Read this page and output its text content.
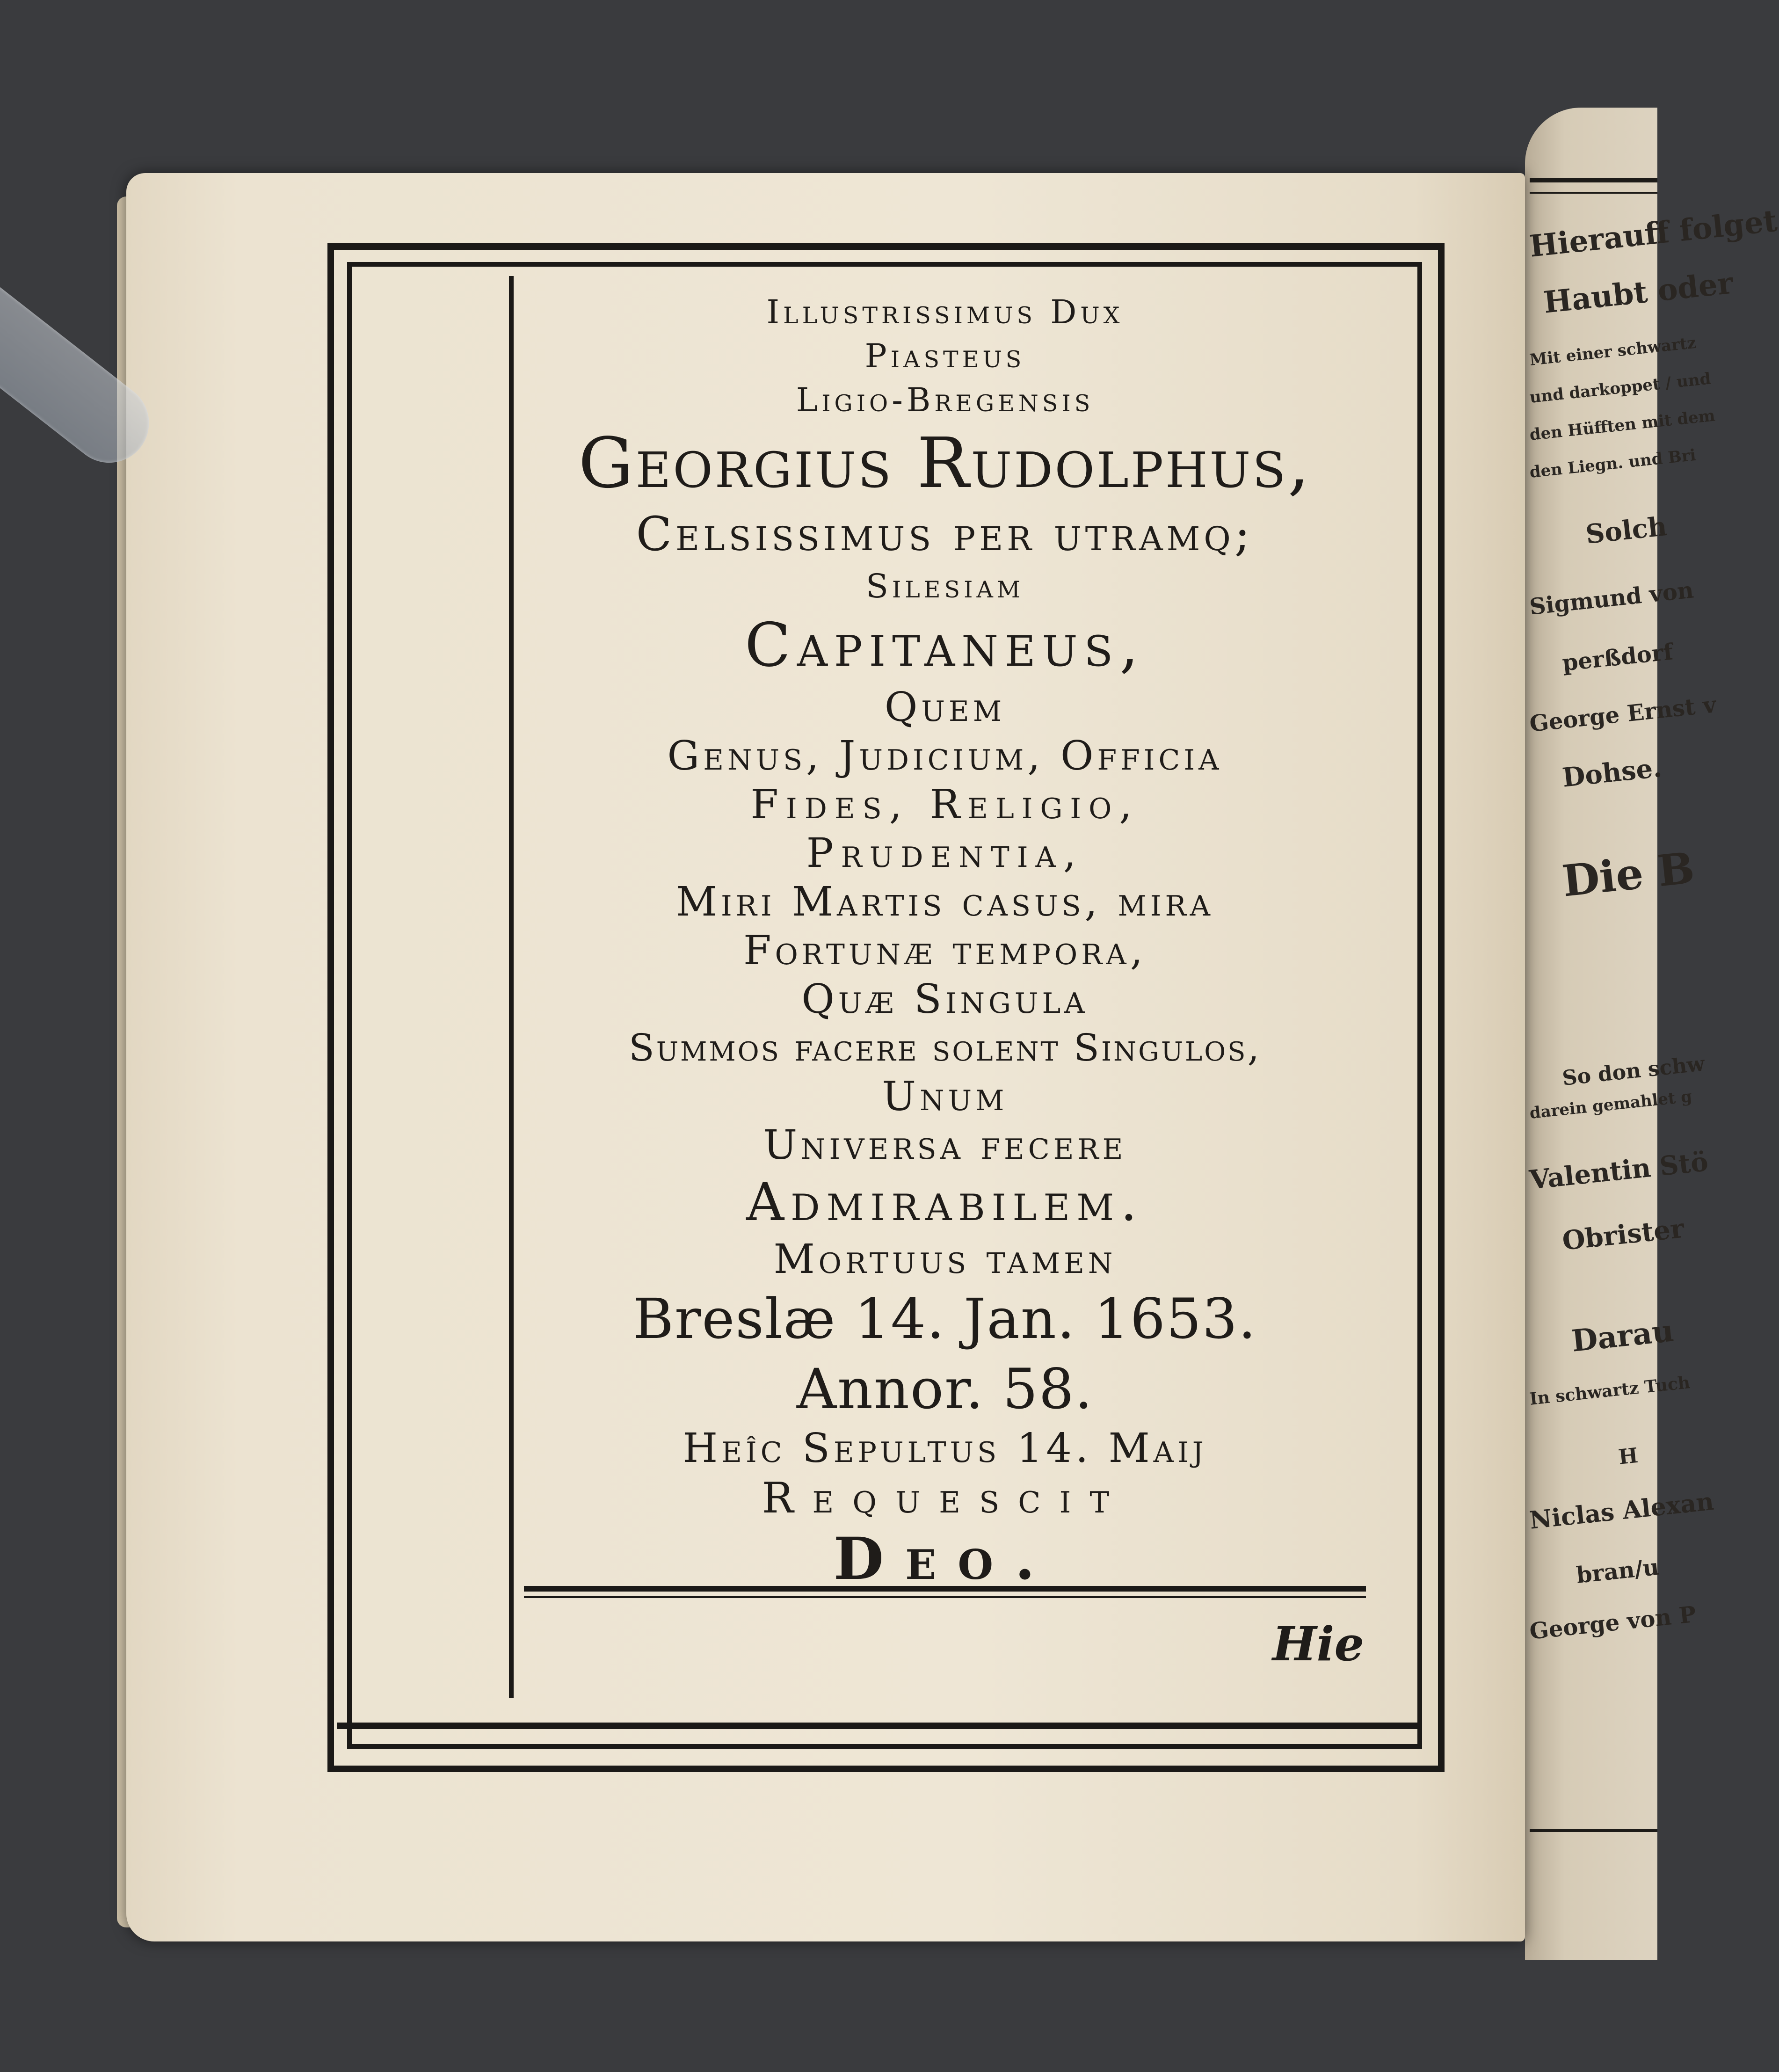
Hierauff folget
Haubt oder
Mit einer schwartz
und darkoppet / und
den Hüfften mit dem
den Liegn. und Bri
Solch
Sigmund von
perßdorf
George Ernst v
Dohse.
Die B
So don schw
darein gemahlet g
Valentin Stö
Obrister
Darau
In schwartz Tuch
H
Niclas Alexan
bran/u
George von P
Illustrissimus Dux
Piasteus
Ligio-Bregensis
Georgius Rudolphus,
Celsissimus per utramq;
Silesiam
Capitaneus,
Quem
Genus, Judicium, Officia
Fides, Religio,
Prudentia,
Miri Martis casus, mira
Fortunæ tempora,
Quæ Singula
Summos facere solent Singulos,
Unum
Universa fecere
Admirabilem.
Mortuus tamen
Breslæ 14. Jan. 1653.
Annor. 58.
Heîc Sepultus 14. Maij
Requescit
Deo.
Hie
